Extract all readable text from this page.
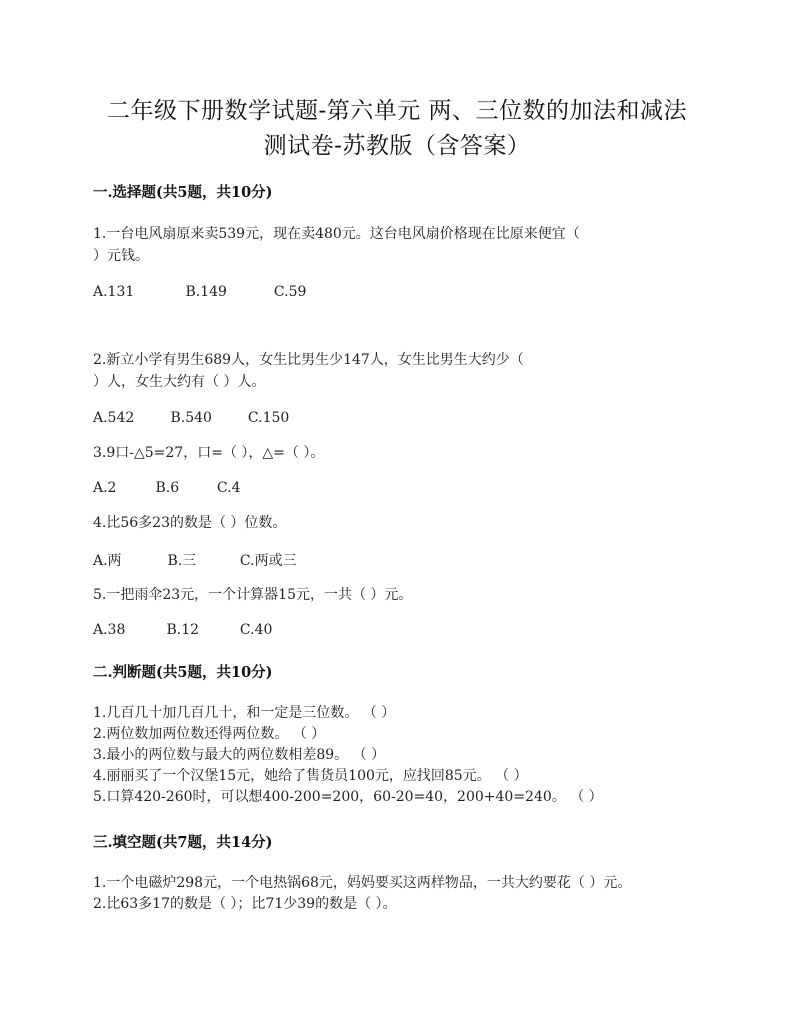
二年级下册数学试题-第六单元 两、三位数的加法和减法
测试卷-苏教版（含答案）
一.选择题(共5题，共10分)
1.一台电风扇原来卖539元，现在卖480元。这台电风扇价格现在比原来便宜（
）元钱。
A.131	B.149	C.59
2.新立小学有男生689人，女生比男生少147人，女生比男生大约少（
）人，女生大约有（ ）人。
A.542	B.540	C.150
3.9口-△5=27，口=（ ），△=（ ）。
A.2	B.6	C.4
4.比56多23的数是（ ）位数。
A.两	B.三	C.两或三
5.一把雨伞23元，一个计算器15元，一共（ ）元。
A.38	B.12	C.40
二.判断题(共5题，共10分)
1.几百几十加几百几十，和一定是三位数。 （ ）
2.两位数加两位数还得两位数。 （ ）
3.最小的两位数与最大的两位数相差89。 （ ）
4.丽丽买了一个汉堡15元，她给了售货员100元，应找回85元。 （ ）
5.口算420-260时，可以想400-200=200，60-20=40，200+40=240。 （ ）
三.填空题(共7题，共14分)
1.一个电磁炉298元，一个电热锅68元，妈妈要买这两样物品，一共大约要花（ ）元。
2.比63多17的数是（ ）；比71少39的数是（ ）。
